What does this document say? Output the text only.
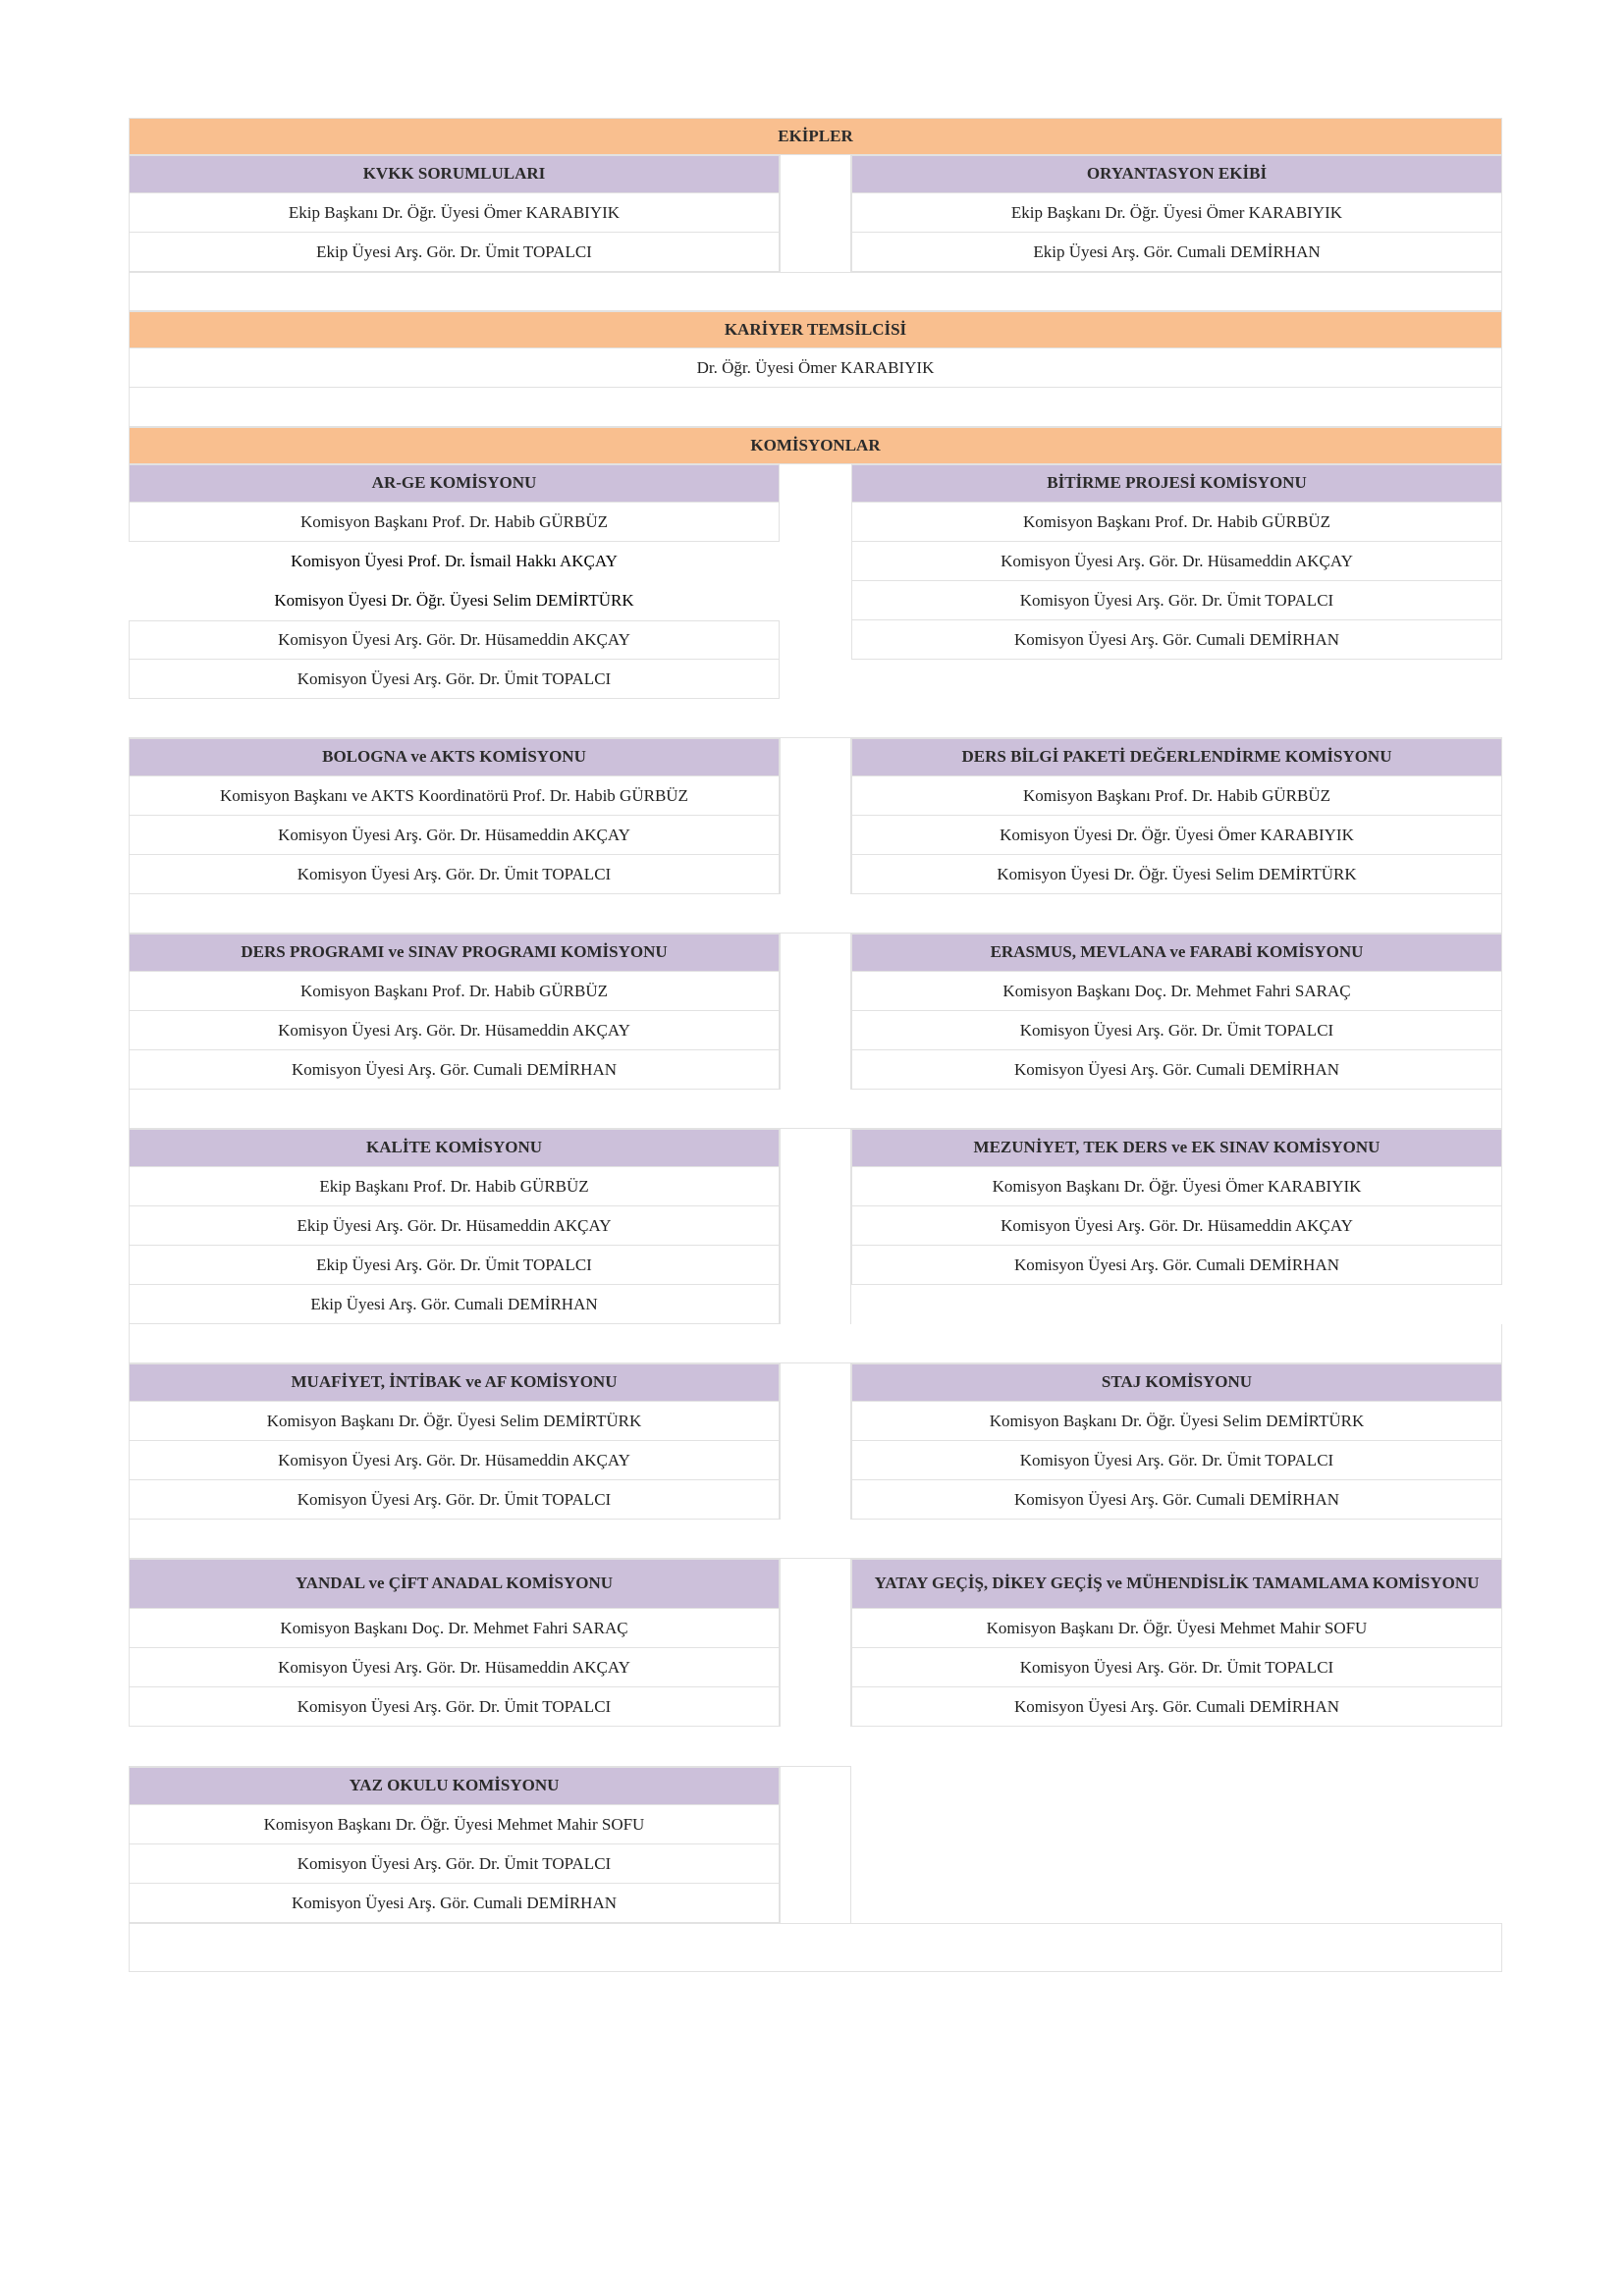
EKİPLER
KVKK SORUMLULARI
Ekip Başkanı Dr. Öğr. Üyesi Ömer KARABIYIK
Ekip Üyesi Arş. Gör. Dr. Ümit TOPALCI
ORYANTASYON EKİBİ
Ekip Başkanı Dr. Öğr. Üyesi Ömer KARABIYIK
Ekip Üyesi Arş. Gör. Cumali DEMİRHAN
KARİYER TEMSİLCİSİ
Dr. Öğr. Üyesi Ömer KARABIYIK
KOMİSYONLAR
AR-GE KOMİSYONU
Komisyon Başkanı Prof. Dr. Habib GÜRBÜZ
Komisyon Üyesi Prof. Dr. İsmail Hakkı AKÇAY
Komisyon Üyesi Dr. Öğr. Üyesi Selim DEMİRTÜRK
Komisyon Üyesi Arş. Gör. Dr. Hüsameddin AKÇAY
Komisyon Üyesi Arş. Gör. Dr. Ümit TOPALCI
BİTİRME PROJESİ KOMİSYONU
Komisyon Başkanı Prof. Dr. Habib GÜRBÜZ
Komisyon Üyesi Arş. Gör. Dr. Hüsameddin AKÇAY
Komisyon Üyesi Arş. Gör. Dr. Ümit TOPALCI
Komisyon Üyesi Arş. Gör. Cumali DEMİRHAN
BOLOGNA ve AKTS KOMİSYONU
Komisyon Başkanı ve AKTS Koordinatörü Prof. Dr. Habib GÜRBÜZ
Komisyon Üyesi Arş. Gör. Dr. Hüsameddin AKÇAY
Komisyon Üyesi Arş. Gör. Dr. Ümit TOPALCI
DERS BİLGİ PAKETİ DEĞERLENDİRME KOMİSYONU
Komisyon Başkanı Prof. Dr. Habib GÜRBÜZ
Komisyon Üyesi Dr. Öğr. Üyesi Ömer KARABIYIK
Komisyon Üyesi Dr. Öğr. Üyesi Selim DEMİRTÜRK
DERS PROGRAMI ve SINAV PROGRAMI KOMİSYONU
Komisyon Başkanı Prof. Dr. Habib GÜRBÜZ
Komisyon Üyesi Arş. Gör. Dr. Hüsameddin AKÇAY
Komisyon Üyesi Arş. Gör. Cumali DEMİRHAN
ERASMUS, MEVLANA ve FARABİ KOMİSYONU
Komisyon Başkanı Doç. Dr. Mehmet Fahri SARAÇ
Komisyon Üyesi Arş. Gör. Dr. Ümit TOPALCI
Komisyon Üyesi Arş. Gör. Cumali DEMİRHAN
KALİTE KOMİSYONU
Ekip Başkanı Prof. Dr. Habib GÜRBÜZ
Ekip Üyesi Arş. Gör. Dr. Hüsameddin AKÇAY
Ekip Üyesi Arş. Gör. Dr. Ümit TOPALCI
Ekip Üyesi Arş. Gör. Cumali DEMİRHAN
MEZUNİYET, TEK DERS ve EK SINAV KOMİSYONU
Komisyon Başkanı Dr. Öğr. Üyesi Ömer KARABIYIK
Komisyon Üyesi Arş. Gör. Dr. Hüsameddin AKÇAY
Komisyon Üyesi Arş. Gör. Cumali DEMİRHAN
MUAFİYET, İNTİBAK ve AF KOMİSYONU
Komisyon Başkanı Dr. Öğr. Üyesi Selim DEMİRTÜRK
Komisyon Üyesi Arş. Gör. Dr. Hüsameddin AKÇAY
Komisyon Üyesi Arş. Gör. Dr. Ümit TOPALCI
STAJ KOMİSYONU
Komisyon Başkanı Dr. Öğr. Üyesi Selim DEMİRTÜRK
Komisyon Üyesi Arş. Gör. Dr. Ümit TOPALCI
Komisyon Üyesi Arş. Gör. Cumali DEMİRHAN
YANDAL ve ÇİFT ANADAL KOMİSYONU
Komisyon Başkanı Doç. Dr. Mehmet Fahri SARAÇ
Komisyon Üyesi Arş. Gör. Dr. Hüsameddin AKÇAY
Komisyon Üyesi Arş. Gör. Dr. Ümit TOPALCI
YATAY GEÇİŞ, DİKEY GEÇİŞ ve MÜHENDİSLİK TAMAMLAMA KOMİSYONU
Komisyon Başkanı Dr. Öğr. Üyesi Mehmet Mahir SOFU
Komisyon Üyesi Arş. Gör. Dr. Ümit TOPALCI
Komisyon Üyesi Arş. Gör. Cumali DEMİRHAN
YAZ OKULU KOMİSYONU
Komisyon Başkanı Dr. Öğr. Üyesi Mehmet Mahir SOFU
Komisyon Üyesi Arş. Gör. Dr. Ümit TOPALCI
Komisyon Üyesi Arş. Gör. Cumali DEMİRHAN
